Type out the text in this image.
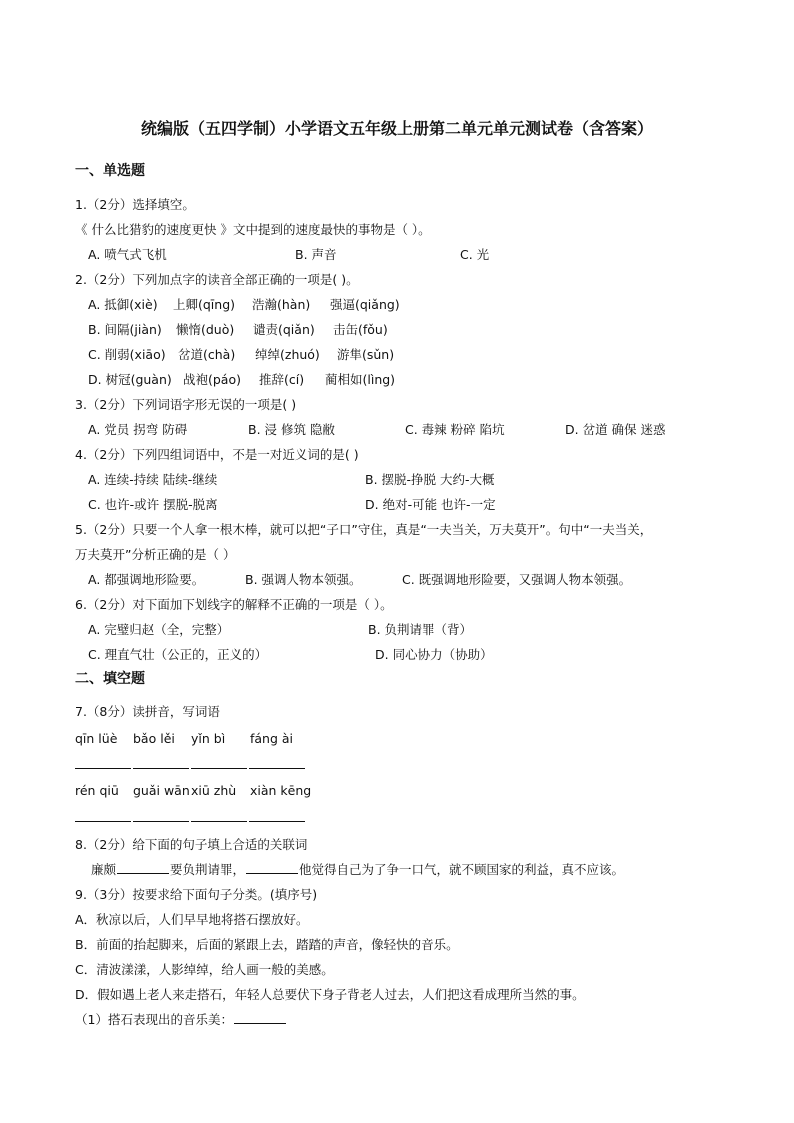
统编版（五四学制）小学语文五年级上册第二单元单元测试卷（含答案）
一、单选题
1.（2分）选择填空。
《 什么比猎豹的速度更快 》文中提到的速度最快的事物是（ ）。
A. 喷气式飞机	B. 声音	C. 光
2.（2分）下列加点字的读音全部正确的一项是( )。
A. 抵御(xiè) 上卿(qīng) 浩瀚(hàn) 强逼(qiǎng)
B. 间隔(jiàn) 懒惰(duò) 谴责(qiǎn) 击缶(fǒu)
C. 削弱(xiāo) 岔道(chà) 绰绰(zhuó) 游隼(sǔn)
D. 树冠(guàn) 战袍(páo) 推辞(cí) 蔺相如(lìng)
3.（2分）下列词语字形无误的一项是( )
A. 党员 拐弯 防碍	B. 浸 修筑 隐敝	C. 毒辣 粉碎 陷坑	D. 岔道 确保 迷惑
4.（2分）下列四组词语中，不是一对近义词的是( )
A. 连续-持续 陆续-继续	B. 摆脱-挣脱 大约-大概
C. 也许-或许 摆脱-脱离	D. 绝对-可能 也许-一定
5.（2分）只要一个人拿一根木棒，就可以把“子口”守住，真是“一夫当关，万夫莫开”。句中“一夫当关，
万夫莫开”分析正确的是（ ）
A. 都强调地形险要。	B. 强调人物本领强。	C. 既强调地形险要，又强调人物本领强。
6.（2分）对下面加下划线字的解释不正确的一项是（ ）。
A. 完璧归赵（全，完整）	B. 负荆请罪（背）
C. 理直气壮（公正的，正义的）	D. 同心协力（协助）
二、填空题
7.（8分）读拼音，写词语
qīn lüè bǎo lěi yǐn bì fáng ài
rén qiū guǎi wān xiū zhù xiàn kēng
8.（2分）给下面的句子填上合适的关联词
廉颇	要负荆请罪，	他觉得自己为了争一口气，就不顾国家的利益，真不应该。
9.（3分）按要求给下面句子分类。(填序号)
A．秋凉以后，人们早早地将搭石摆放好。
B．前面的抬起脚来，后面的紧跟上去，踏踏的声音，像轻快的音乐。
C．清波漾漾，人影绰绰，给人画一般的美感。
D．假如遇上老人来走搭石，年轻人总要伏下身子背老人过去，人们把这看成理所当然的事。
（1）搭石表现出的音乐美：
